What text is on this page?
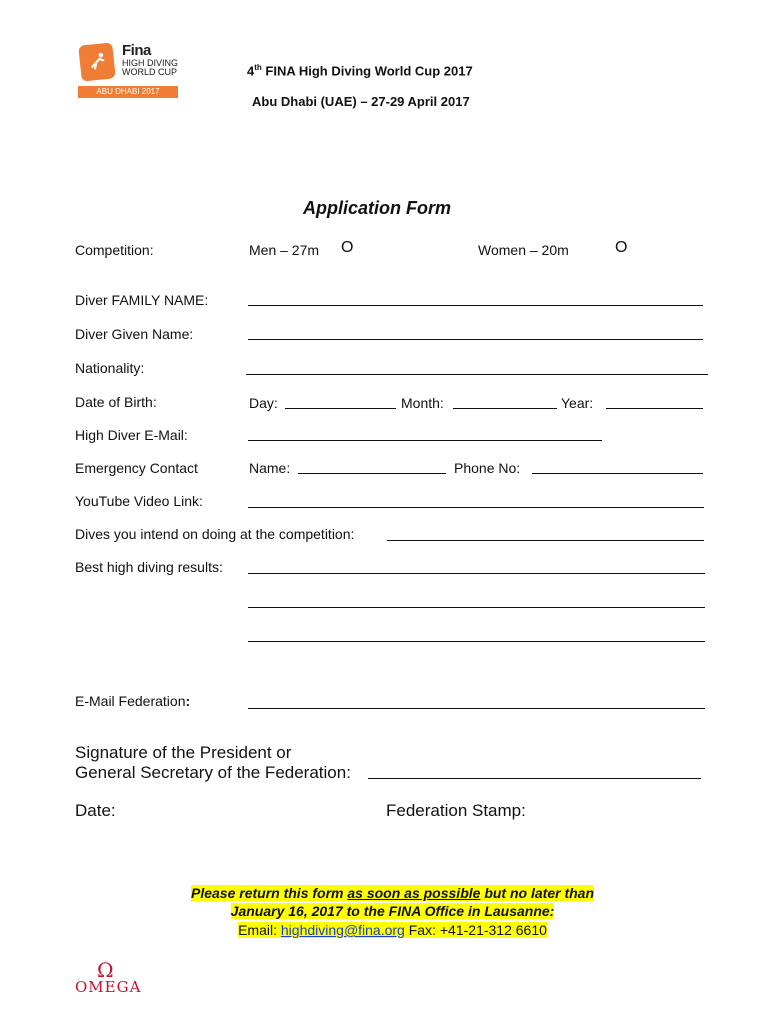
Fina
HIGH DIVING
WORLD CUP
ABU DHABI 2017
4th FINA High Diving World Cup 2017
Abu Dhabi (UAE) – 27-29 April 2017
Application Form
Competition:	Men – 27m O	Women – 20m	O
Diver FAMILY NAME:
Diver Given Name:
Nationality:
Date of Birth:	Day:	Month:	Year:
High Diver E-Mail:
Emergency Contact	Name:	Phone No:
YouTube Video Link:
Dives you intend on doing at the competition:
Best high diving results:
E-Mail Federation:
Signature of the President or
General Secretary of the Federation:
Date:	Federation Stamp:
Please return this form as soon as possible but no later than
January 16, 2017 to the FINA Office in Lausanne:
Email: highdiving@fina.org Fax: +41-21-312 6610
Ω
OMEGA
